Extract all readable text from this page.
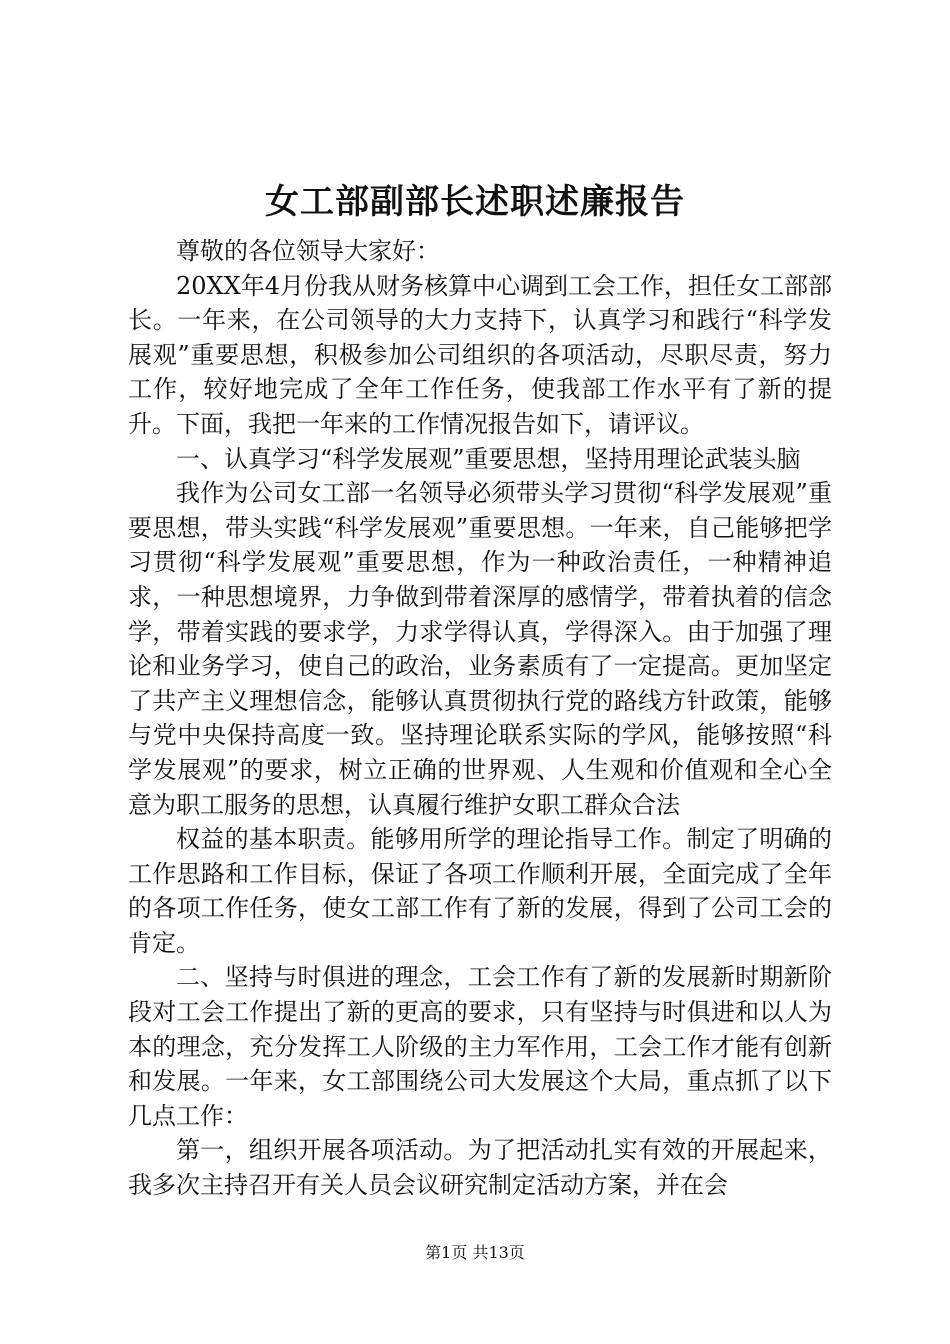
女工部副部长述职述廉报告

尊敬的各位领导大家好：

20XX年4月份我从财务核算中心调到工会工作，担任女工部部长。一年来，在公司领导的大力支持下，认真学习和践行“科学发展观”重要思想，积极参加公司组织的各项活动，尽职尽责，努力工作，较好地完成了全年工作任务，使我部工作水平有了新的提升。下面，我把一年来的工作情况报告如下，请评议。

一、认真学习“科学发展观”重要思想，坚持用理论武装头脑

我作为公司女工部一名领导必须带头学习贯彻“科学发展观”重要思想，带头实践“科学发展观”重要思想。一年来，自己能够把学习贯彻“科学发展观”重要思想，作为一种政治责任，一种精神追求，一种思想境界，力争做到带着深厚的感情学，带着执着的信念学，带着实践的要求学，力求学得认真，学得深入。由于加强了理论和业务学习，使自己的政治，业务素质有了一定提高。更加坚定了共产主义理想信念，能够认真贯彻执行党的路线方针政策，能够与党中央保持高度一致。坚持理论联系实际的学风，能够按照“科学发展观”的要求，树立正确的世界观、人生观和价值观和全心全意为职工服务的思想，认真履行维护女职工群众合法

权益的基本职责。能够用所学的理论指导工作。制定了明确的工作思路和工作目标，保证了各项工作顺利开展，全面完成了全年的各项工作任务，使女工部工作有了新的发展，得到了公司工会的肯定。

二、坚持与时俱进的理念，工会工作有了新的发展新时期新阶段对工会工作提出了新的更高的要求，只有坚持与时俱进和以人为本的理念，充分发挥工人阶级的主力军作用，工会工作才能有创新和发展。一年来，女工部围绕公司大发展这个大局，重点抓了以下几点工作：

第一，组织开展各项活动。为了把活动扎实有效的开展起来，我多次主持召开有关人员会议研究制定活动方案，并在会

第1页 共13页
